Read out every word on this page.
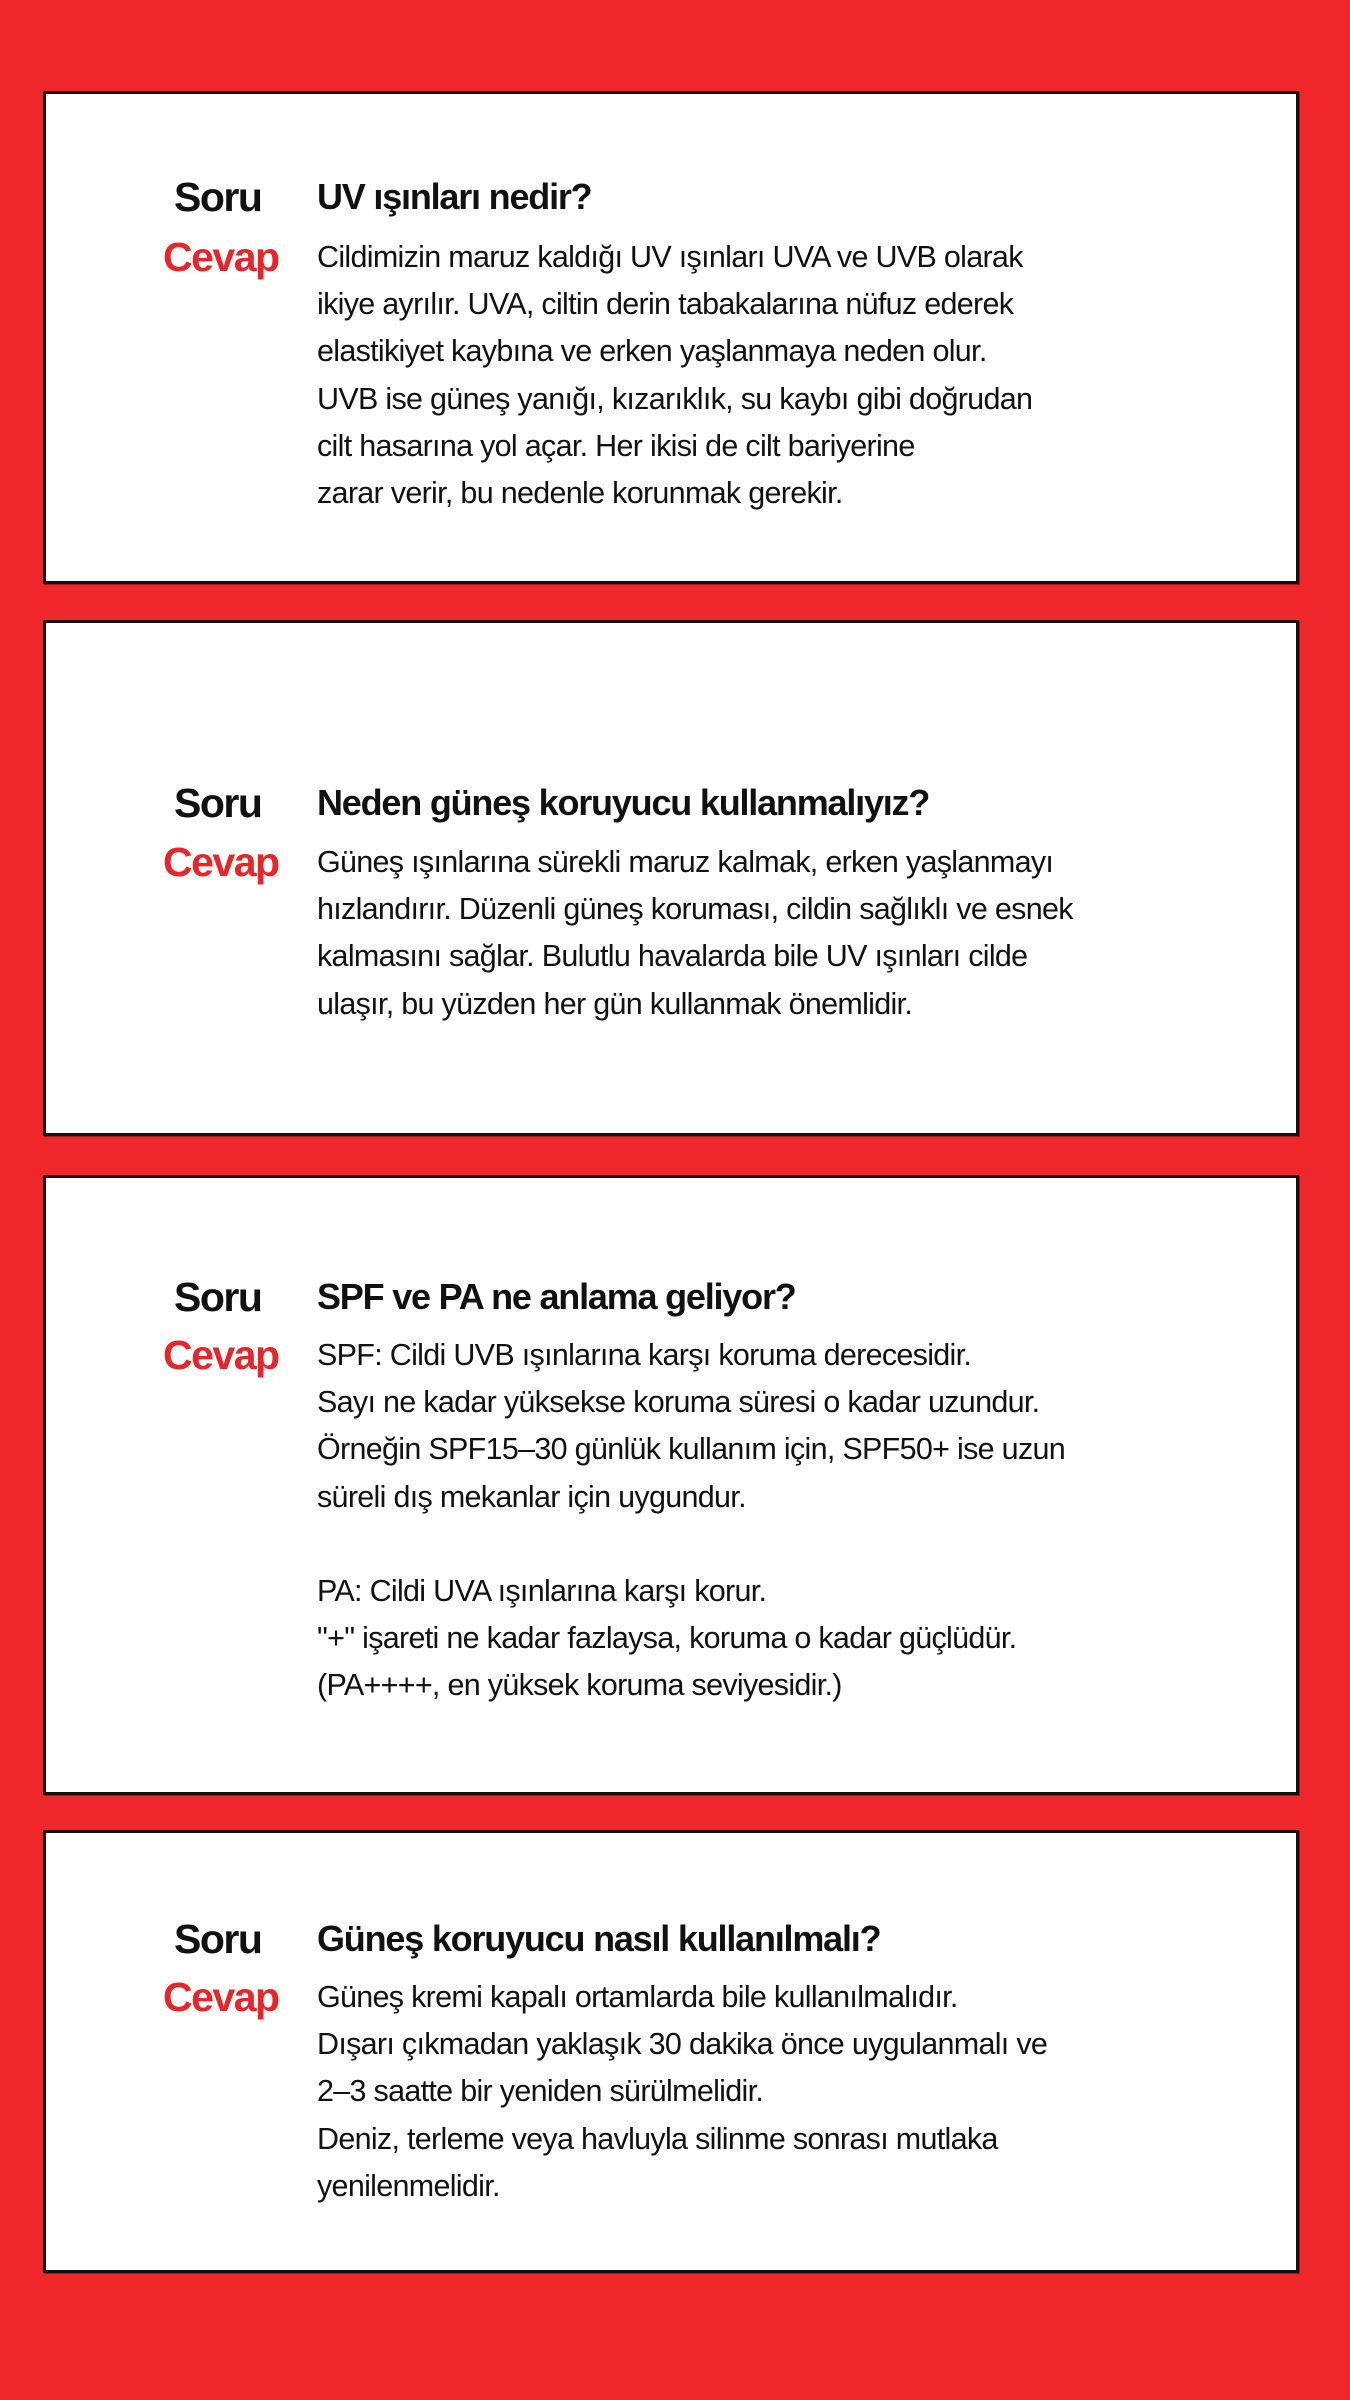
Soru UV ışınları nedir?
Cevap Cildimizin maruz kaldığı UV ışınları UVA ve UVB olarak
ikiye ayrılır. UVA, ciltin derin tabakalarına nüfuz ederek
elastikiyet kaybına ve erken yaşlanmaya neden olur.
UVB ise güneş yanığı, kızarıklık, su kaybı gibi doğrudan
cilt hasarına yol açar. Her ikisi de cilt bariyerine
zarar verir, bu nedenle korunmak gerekir.
Soru Neden güneş koruyucu kullanmalıyız?
Cevap Güneş ışınlarına sürekli maruz kalmak, erken yaşlanmayı
hızlandırır. Düzenli güneş koruması, cildin sağlıklı ve esnek
kalmasını sağlar. Bulutlu havalarda bile UV ışınları cilde
ulaşır, bu yüzden her gün kullanmak önemlidir.
Soru SPF ve PA ne anlama geliyor?
Cevap SPF: Cildi UVB ışınlarına karşı koruma derecesidir.
Sayı ne kadar yüksekse koruma süresi o kadar uzundur.
Örneğin SPF15–30 günlük kullanım için, SPF50+ ise uzun
süreli dış mekanlar için uygundur.
PA: Cildi UVA ışınlarına karşı korur.
"+" işareti ne kadar fazlaysa, koruma o kadar güçlüdür.
(PA++++, en yüksek koruma seviyesidir.)
Soru Güneş koruyucu nasıl kullanılmalı?
Cevap Güneş kremi kapalı ortamlarda bile kullanılmalıdır.
Dışarı çıkmadan yaklaşık 30 dakika önce uygulanmalı ve
2–3 saatte bir yeniden sürülmelidir.
Deniz, terleme veya havluyla silinme sonrası mutlaka
yenilenmelidir.
